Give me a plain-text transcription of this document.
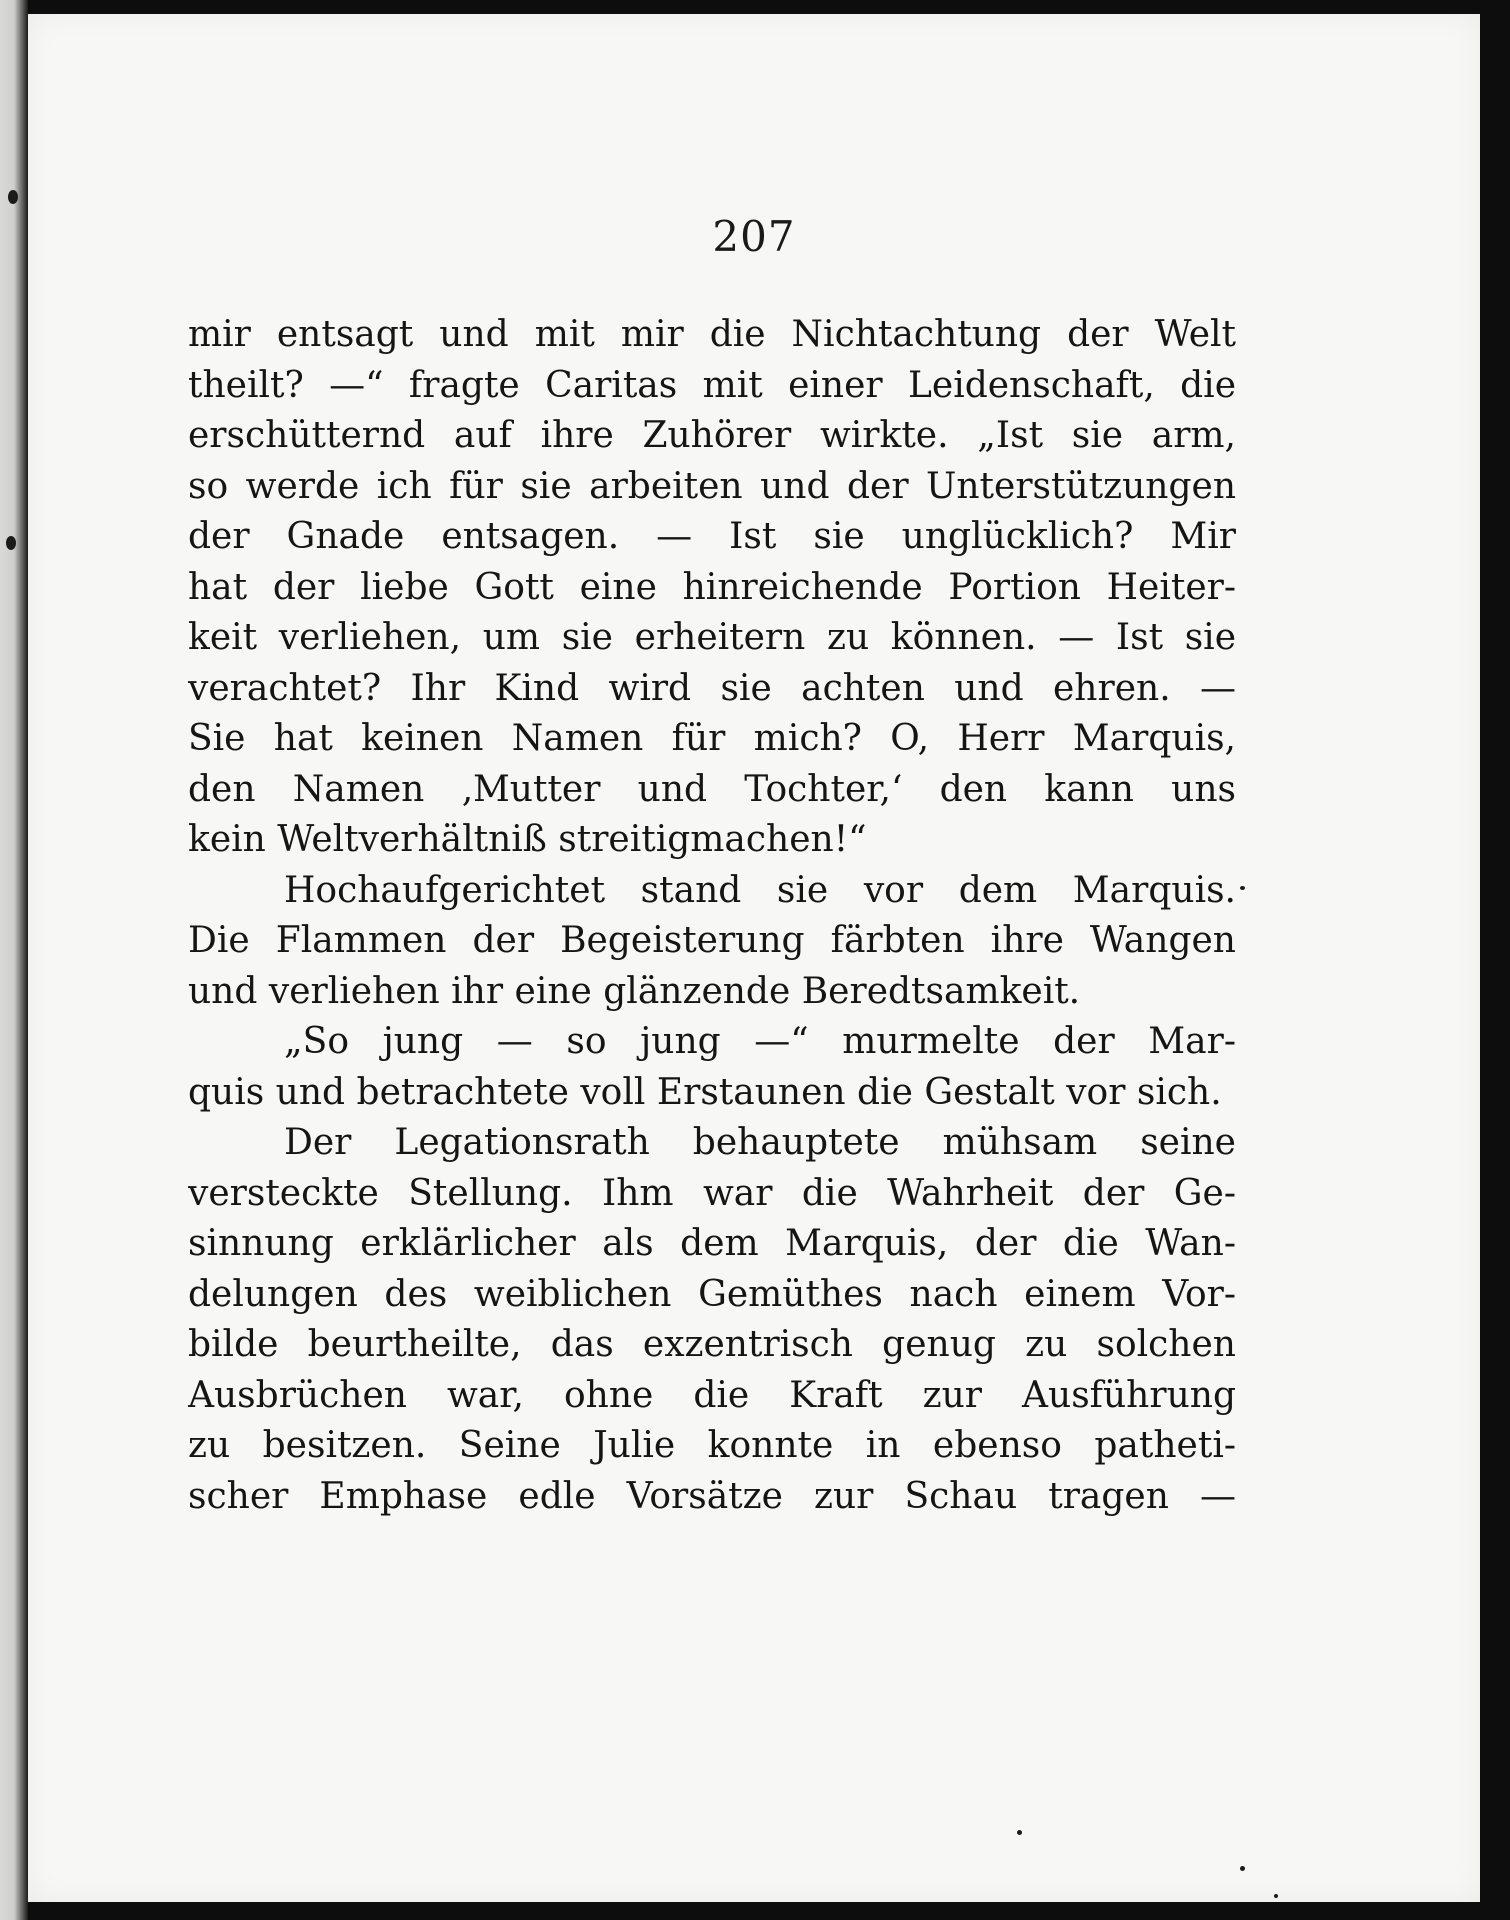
207
mir entsagt und mit mir die Nichtachtung der Welt
theilt? —“ fragte Caritas mit einer Leidenschaft, die
erschütternd auf ihre Zuhörer wirkte. „Ist sie arm,
so werde ich für sie arbeiten und der Unterstützungen
der Gnade entsagen. — Ist sie unglücklich? Mir
hat der liebe Gott eine hinreichende Portion Heiter-
keit verliehen, um sie erheitern zu können. — Ist sie
verachtet? Ihr Kind wird sie achten und ehren. —
Sie hat keinen Namen für mich? O, Herr Marquis,
den Namen ‚Mutter und Tochter,‘ den kann uns
kein Weltverhältniß streitigmachen!“
Hochaufgerichtet stand sie vor dem Marquis.
Die Flammen der Begeisterung färbten ihre Wangen
und verliehen ihr eine glänzende Beredtsamkeit.
„So jung — so jung —“ murmelte der Mar-
quis und betrachtete voll Erstaunen die Gestalt vor sich.
Der Legationsrath behauptete mühsam seine
versteckte Stellung. Ihm war die Wahrheit der Ge-
sinnung erklärlicher als dem Marquis, der die Wan-
delungen des weiblichen Gemüthes nach einem Vor-
bilde beurtheilte, das exzentrisch genug zu solchen
Ausbrüchen war, ohne die Kraft zur Ausführung
zu besitzen. Seine Julie konnte in ebenso patheti-
scher Emphase edle Vorsätze zur Schau tragen —
